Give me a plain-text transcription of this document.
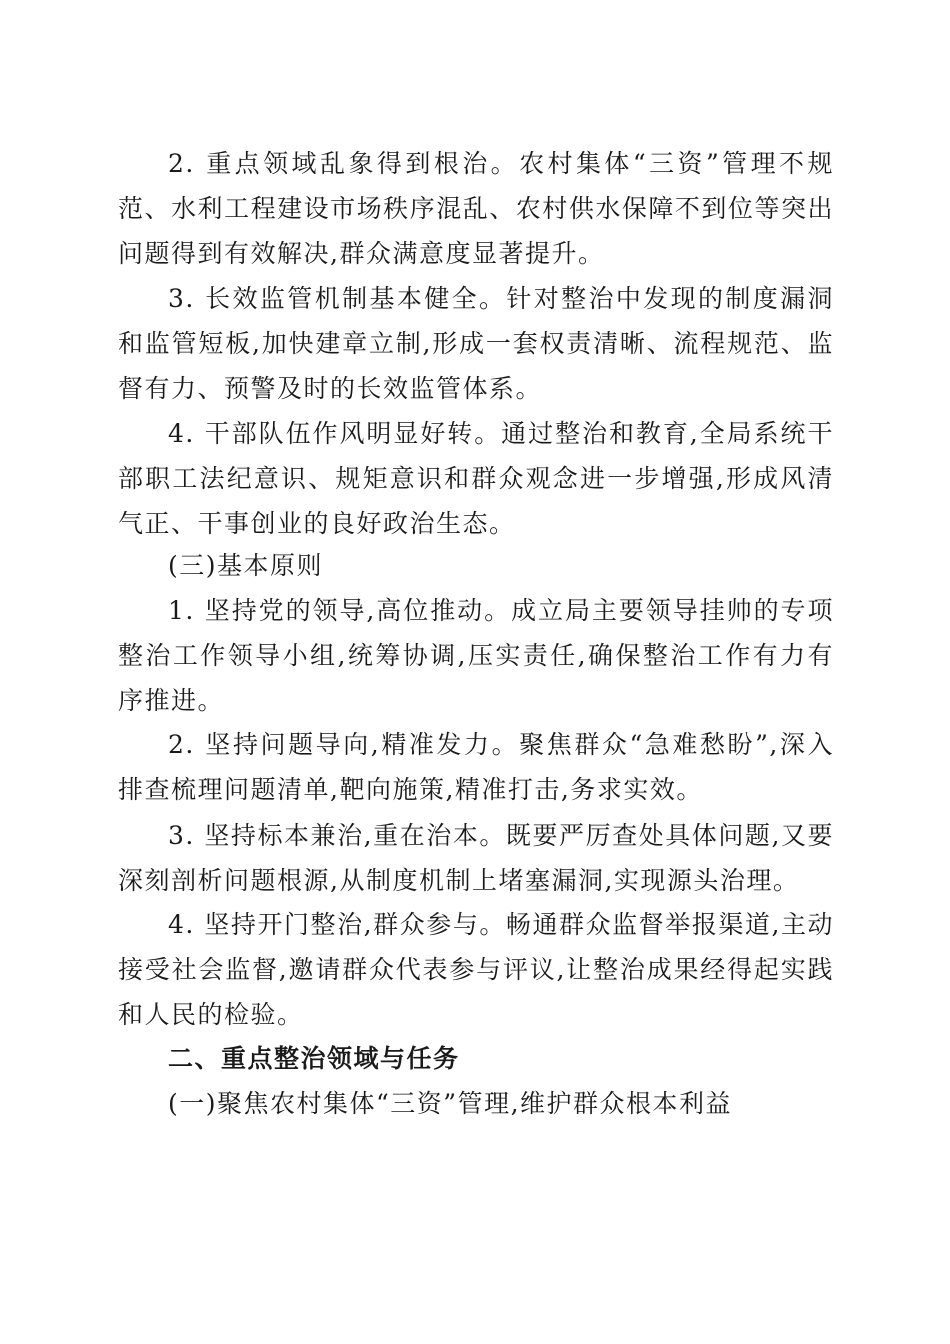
2. 重点领域乱象得到根治。农村集体“三资”管理不规范、水利工程建设市场秩序混乱、农村供水保障不到位等突出问题得到有效解决,群众满意度显著提升。

3. 长效监管机制基本健全。针对整治中发现的制度漏洞和监管短板,加快建章立制,形成一套权责清晰、流程规范、监督有力、预警及时的长效监管体系。

4. 干部队伍作风明显好转。通过整治和教育,全局系统干部职工法纪意识、规矩意识和群众观念进一步增强,形成风清气正、干事创业的良好政治生态。

(三)基本原则

1. 坚持党的领导,高位推动。成立局主要领导挂帅的专项整治工作领导小组,统筹协调,压实责任,确保整治工作有力有序推进。

2. 坚持问题导向,精准发力。聚焦群众“急难愁盼”,深入排查梳理问题清单,靶向施策,精准打击,务求实效。

3. 坚持标本兼治,重在治本。既要严厉查处具体问题,又要深刻剖析问题根源,从制度机制上堵塞漏洞,实现源头治理。

4. 坚持开门整治,群众参与。畅通群众监督举报渠道,主动接受社会监督,邀请群众代表参与评议,让整治成果经得起实践和人民的检验。

二、重点整治领域与任务

(一)聚焦农村集体“三资”管理,维护群众根本利益
